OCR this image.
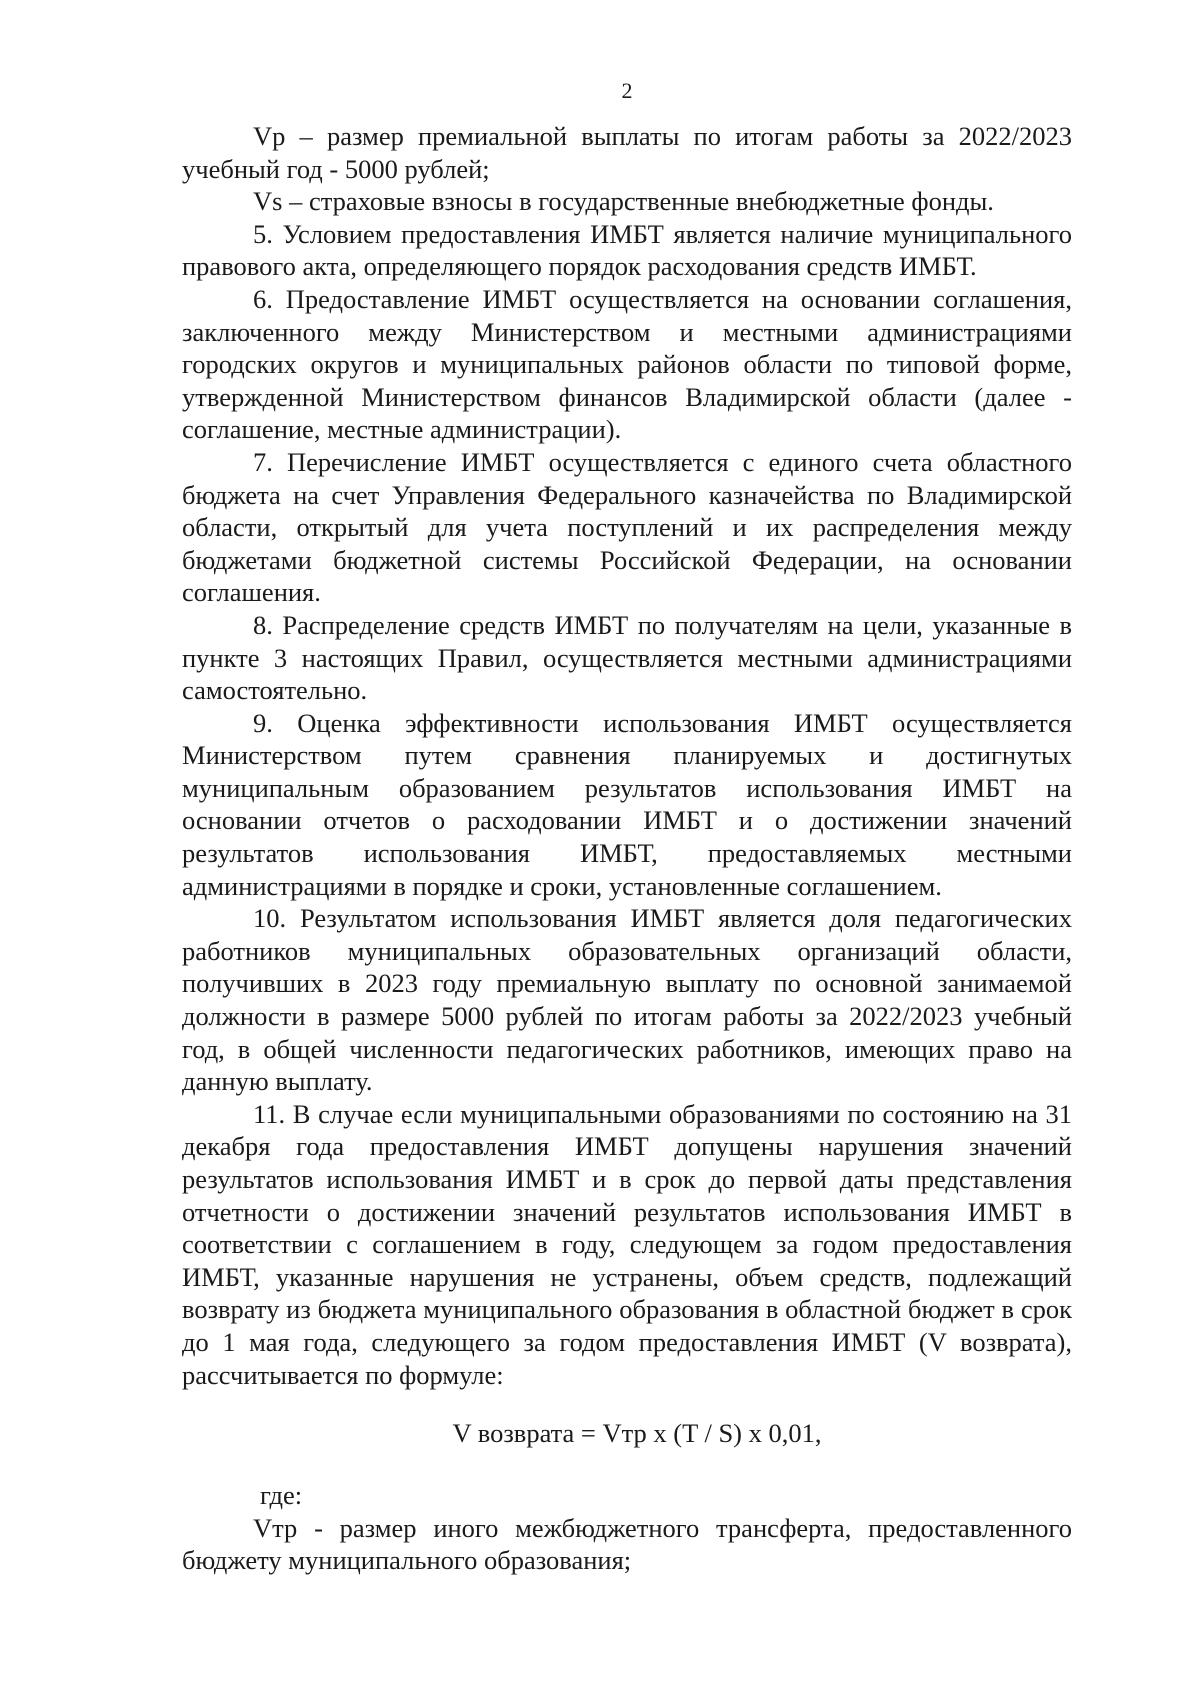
2

Vр – размер премиальной выплаты по итогам работы за 2022/2023 учебный год - 5000 рублей;

Vs – страховые взносы в государственные внебюджетные фонды.

5. Условием предоставления ИМБТ является наличие муниципального правового акта, определяющего порядок расходования средств ИМБТ.

6. Предоставление ИМБТ осуществляется на основании соглашения, заключенного между Министерством и местными администрациями городских округов и муниципальных районов области по типовой форме, утвержденной Министерством финансов Владимирской области (далее - соглашение, местные администрации).

7. Перечисление ИМБТ осуществляется с единого счета областного бюджета на счет Управления Федерального казначейства по Владимирской области, открытый для учета поступлений и их распределения между бюджетами бюджетной системы Российской Федерации, на основании соглашения.

8. Распределение средств ИМБТ по получателям на цели, указанные в пункте 3 настоящих Правил, осуществляется местными администрациями самостоятельно.

9. Оценка эффективности использования ИМБТ осуществляется Министерством путем сравнения планируемых и достигнутых муниципальным образованием результатов использования ИМБТ на основании отчетов о расходовании ИМБТ и о достижении значений результатов использования ИМБТ, предоставляемых местными администрациями в порядке и сроки, установленные соглашением.

10. Результатом использования ИМБТ является доля педагогических работников муниципальных образовательных организаций области, получивших в 2023 году премиальную выплату по основной занимаемой должности в размере 5000 рублей по итогам работы за 2022/2023 учебный год, в общей численности педагогических работников, имеющих право на данную выплату.

11. В случае если муниципальными образованиями по состоянию на 31 декабря года предоставления ИМБТ допущены нарушения значений результатов использования ИМБТ и в срок до первой даты представления отчетности о достижении значений результатов использования ИМБТ в соответствии с соглашением в году, следующем за годом предоставления ИМБТ, указанные нарушения не устранены, объем средств, подлежащий возврату из бюджета муниципального образования в областной бюджет в срок до 1 мая года, следующего за годом предоставления ИМБТ (V возврата), рассчитывается по формуле:

V возврата = Vтр x (T / S) x 0,01,

где:

Vтр - размер иного межбюджетного трансферта, предоставленного бюджету муниципального образования;
